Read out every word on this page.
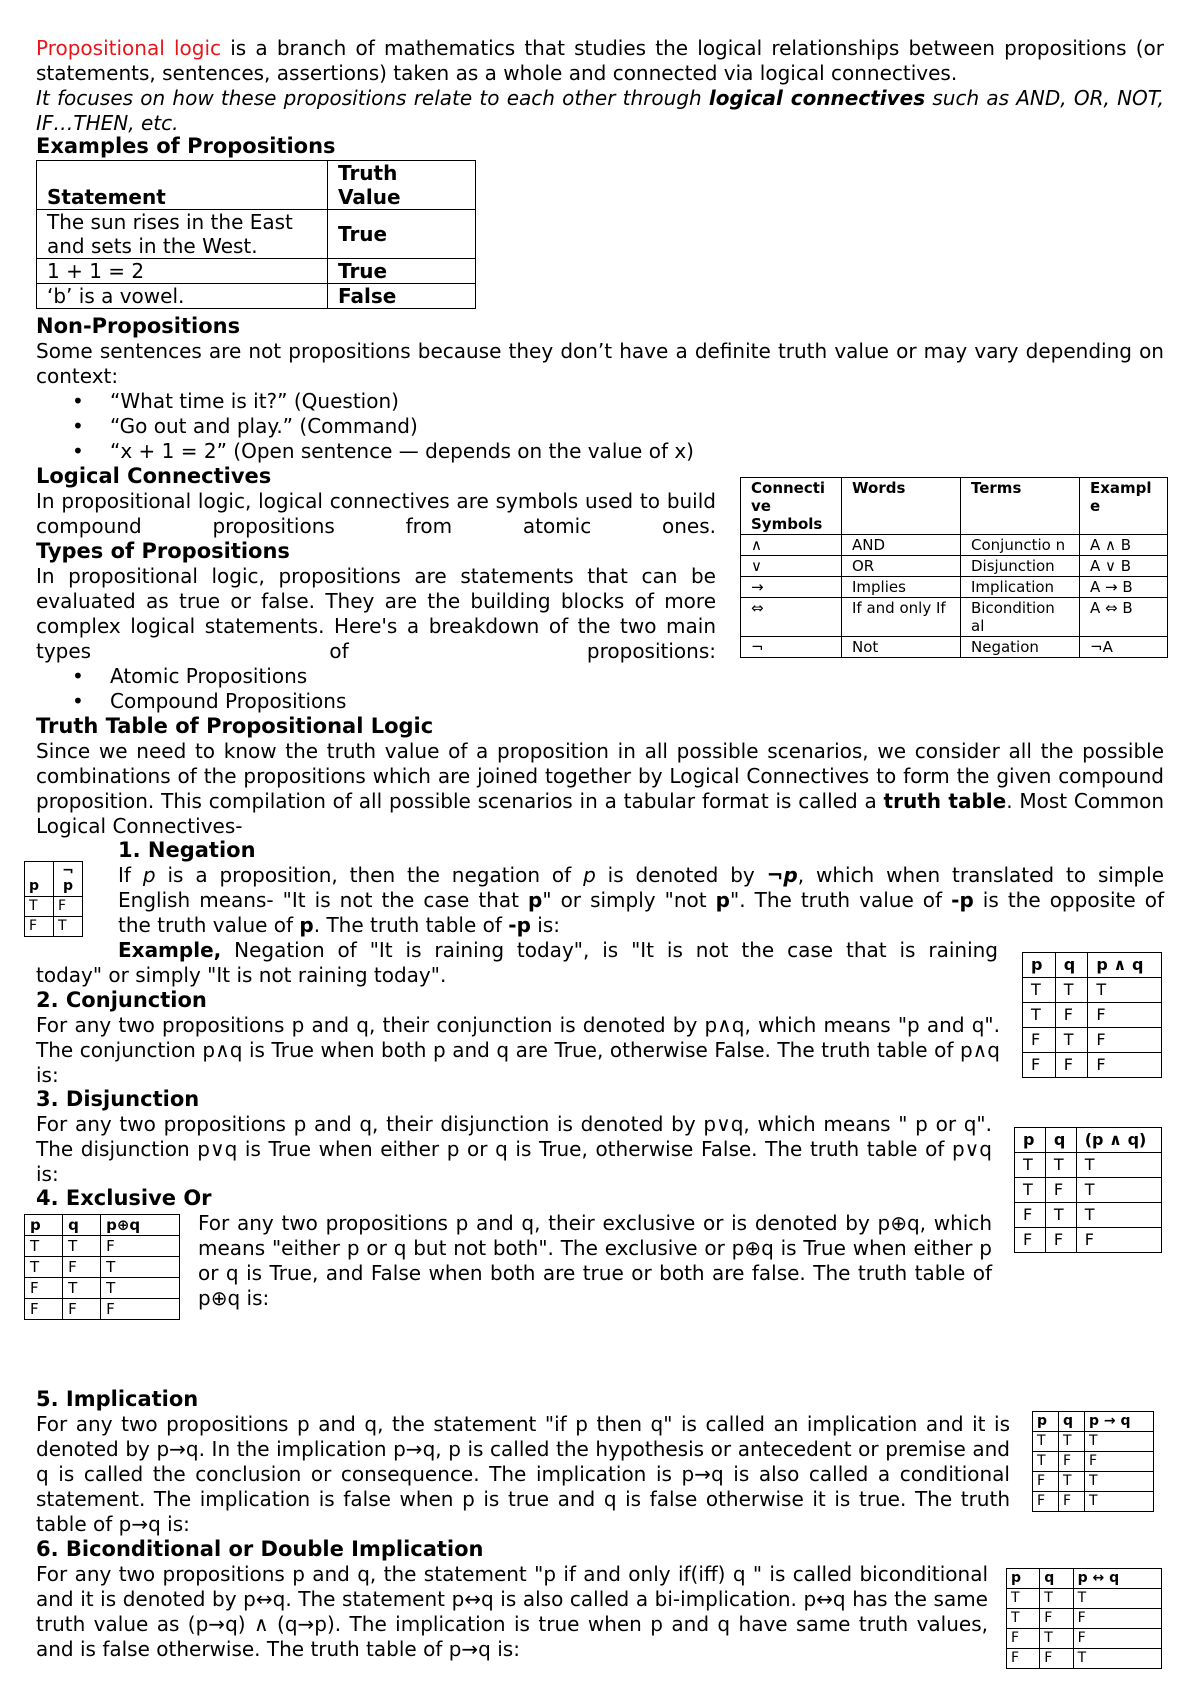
Propositional logic is a branch of mathematics that studies the logical relationships between propositions (or statements, sentences, assertions) taken as a whole and connected via logical connectives.
It focuses on how these propositions relate to each other through logical connectives such as AND, OR, NOT, IF…THEN, etc.
Examples of Propositions
Statement	Truth Value
The sun rises in the East and sets in the West.	True
1 + 1 = 2	True
‘b’ is a vowel.	False
Non-Propositions
Some sentences are not propositions because they don’t have a definite truth value or may vary depending on context:
• “What time is it?” (Question)
• “Go out and play.” (Command)
• “x + 1 = 2” (Open sentence — depends on the value of x)
Logical Connectives
In propositional logic, logical connectives are symbols used to build compound propositions from atomic ones.
Connecti ve Symbols	Words	Terms	Exampl e
∧	AND	Conjunctio n	A ∧ B
∨	OR	Disjunction	A ∨ B
→	Implies	Implication	A → B
⇔	If and only If	Bicondition al	A ⇔ B
¬	Not	Negation	¬A
Types of Propositions
In propositional logic, propositions are statements that can be evaluated as true or false. They are the building blocks of more complex logical statements. Here's a breakdown of the two main types of propositions:
• Atomic Propositions
• Compound Propositions
Truth Table of Propositional Logic
Since we need to know the truth value of a proposition in all possible scenarios, we consider all the possible combinations of the propositions which are joined together by Logical Connectives to form the given compound proposition. This compilation of all possible scenarios in a tabular format is called a truth table. Most Common Logical Connectives-
1. Negation
p	¬ p
T	F
F	T
If p is a proposition, then the negation of p is denoted by ¬p, which when translated to simple
English means- "It is not the case that p" or simply "not p". The truth value of -p is the opposite of
the truth value of p. The truth table of -p is:
Example, Negation of "It is raining today", is "It is not the case that is raining
today" or simply "It is not raining today".	p	q	p ∧ q
T	T	T
T	F	F
F	T	F
F	F	F
2. Conjunction
For any two propositions p and q, their conjunction is denoted by p∧q, which means "p and q". The conjunction p∧q is True when both p and q are True, otherwise False. The truth table of p∧q is:
p	q	(p ∧ q)
T	T	T
T	F	T
F	T	T
F	F	F
3. Disjunction
For any two propositions p and q, their disjunction is denoted by p∨q, which means " p or q". The disjunction p∨q is True when either p or q is True, otherwise False. The truth table of p∨q is:
4. Exclusive Or
p	q	p⊕q
T	T	F
T	F	T
F	T	T
F	F	F
For any two propositions p and q, their exclusive or is denoted by p⊕q, which means "either p or q but not both". The exclusive or p⊕q is True when either p or q is True, and False when both are true or both are false. The truth table of p⊕q is:
5. Implication
For any two propositions p and q, the statement "if p then q" is called an implication and it is denoted by p→q. In the implication p→q, p is called the hypothesis or antecedent or premise and q is called the conclusion or consequence. The implication is p→q is also called a conditional statement. The implication is false when p is true and q is false otherwise it is true. The truth table of p→q is:
p	q	p → q
T	T	T
T	F	F
F	T	T
F	F	T
6. Biconditional or Double Implication
For any two propositions p and q, the statement "p if and only if(iff) q " is called biconditional and it is denoted by p↔q. The statement p↔q is also called a bi-implication. p↔q has the same truth value as (p→q) ∧ (q→p). The implication is true when p and q have same truth values, and is false otherwise. The truth table of p→q is:
p	q	p ↔ q
T	T	T
T	F	F
F	T	F
F	F	T
